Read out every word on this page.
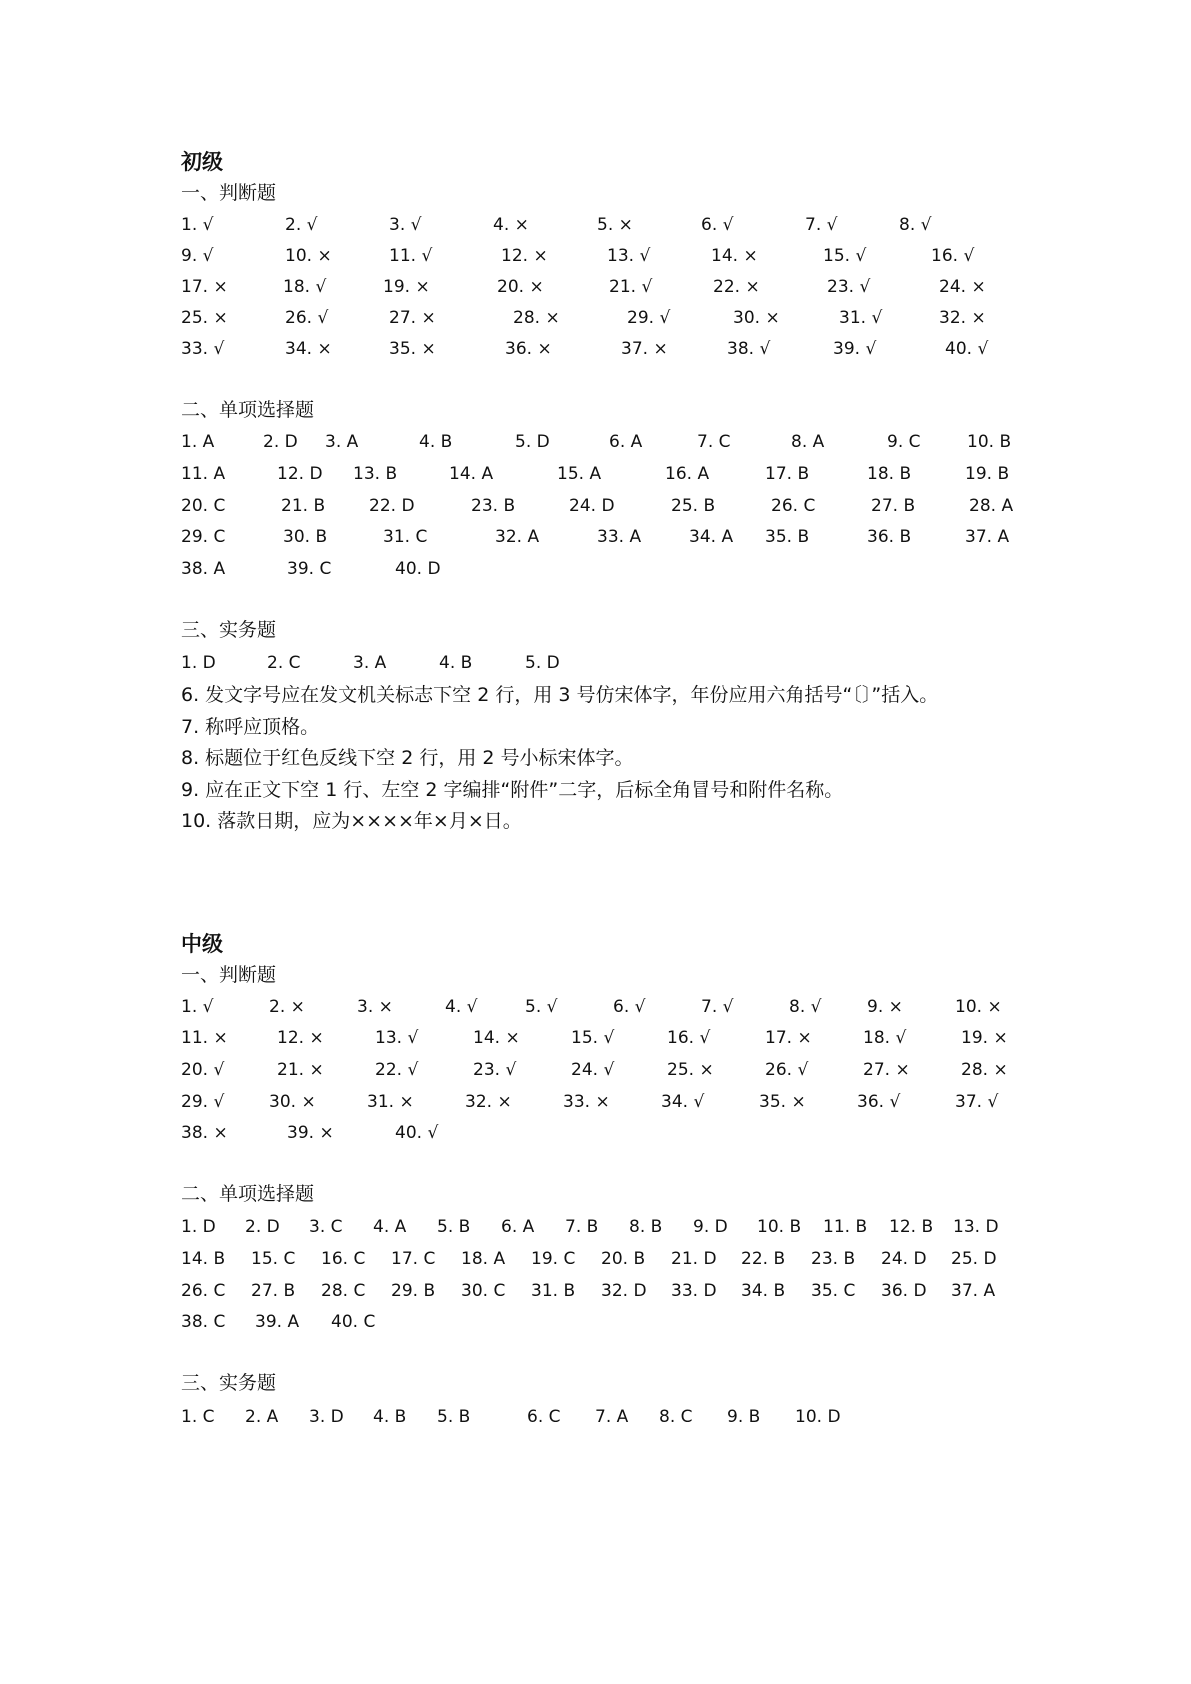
初级
一、判断题
1. √	2. √	3. √	4. ×	5. ×	6. √	7. √	8. √
9. √	10. ×	11. √	12. ×	13. √	14. ×	15. √	16. √
17. ×	18. √	19. ×	20. ×	21. √	22. ×	23. √	24. ×
25. ×	26. √	27. ×	28. ×	29. √	30. ×	31. √	32. ×
33. √	34. ×	35. ×	36. ×	37. ×	38. √	39. √	40. √
二、单项选择题
1. A	2. D 3. A	4. B	5. D	6. A	7. C	8. A	9. C	10. B
11. A	12. D 13. B	14. A	15. A	16. A	17. B	18. B	19. B
20. C	21. B	22. D	23. B	24. D	25. B	26. C	27. B	28. A
29. C	30. B	31. C	32. A	33. A	34. A 35. B	36. B	37. A
38. A	39. C	40. D
三、实务题
1. D	2. C	3. A	4. B	5. D
6. 发文字号应在发文机关标志下空 2 行，用 3 号仿宋体字，年份应用六角括号“〔〕”括入。
7. 称呼应顶格。
8. 标题位于红色反线下空 2 行，用 2 号小标宋体字。
9. 应在正文下空 1 行、左空 2 字编排“附件”二字，后标全角冒号和附件名称。
10. 落款日期，应为××××年×月×日。
中级
一、判断题
1. √	2. ×	3. ×	4. √	5. √	6. √	7. √	8. √	9. ×	10. ×
11. ×	12. ×	13. √	14. ×	15. √	16. √	17. ×	18. √	19. ×
20. √	21. ×	22. √	23. √	24. √	25. ×	26. √	27. ×	28. ×
29. √	30. ×	31. ×	32. ×	33. ×	34. √	35. ×	36. √	37. √
38. ×	39. ×	40. √
二、单项选择题
1. D 2. D 3. C 4. A 5. B 6. A 7. B 8. B 9. D 10. B 11. B 12. B 13. D
14. B 15. C 16. C 17. C 18. A 19. C 20. B 21. D 22. B 23. B 24. D 25. D
26. C 27. B 28. C 29. B 30. C 31. B 32. D 33. D 34. B 35. C 36. D 37. A
38. C 39. A 40. C
三、实务题
1. C 2. A 3. D 4. B 5. B	6. C 7. A 8. C 9. B 10. D
